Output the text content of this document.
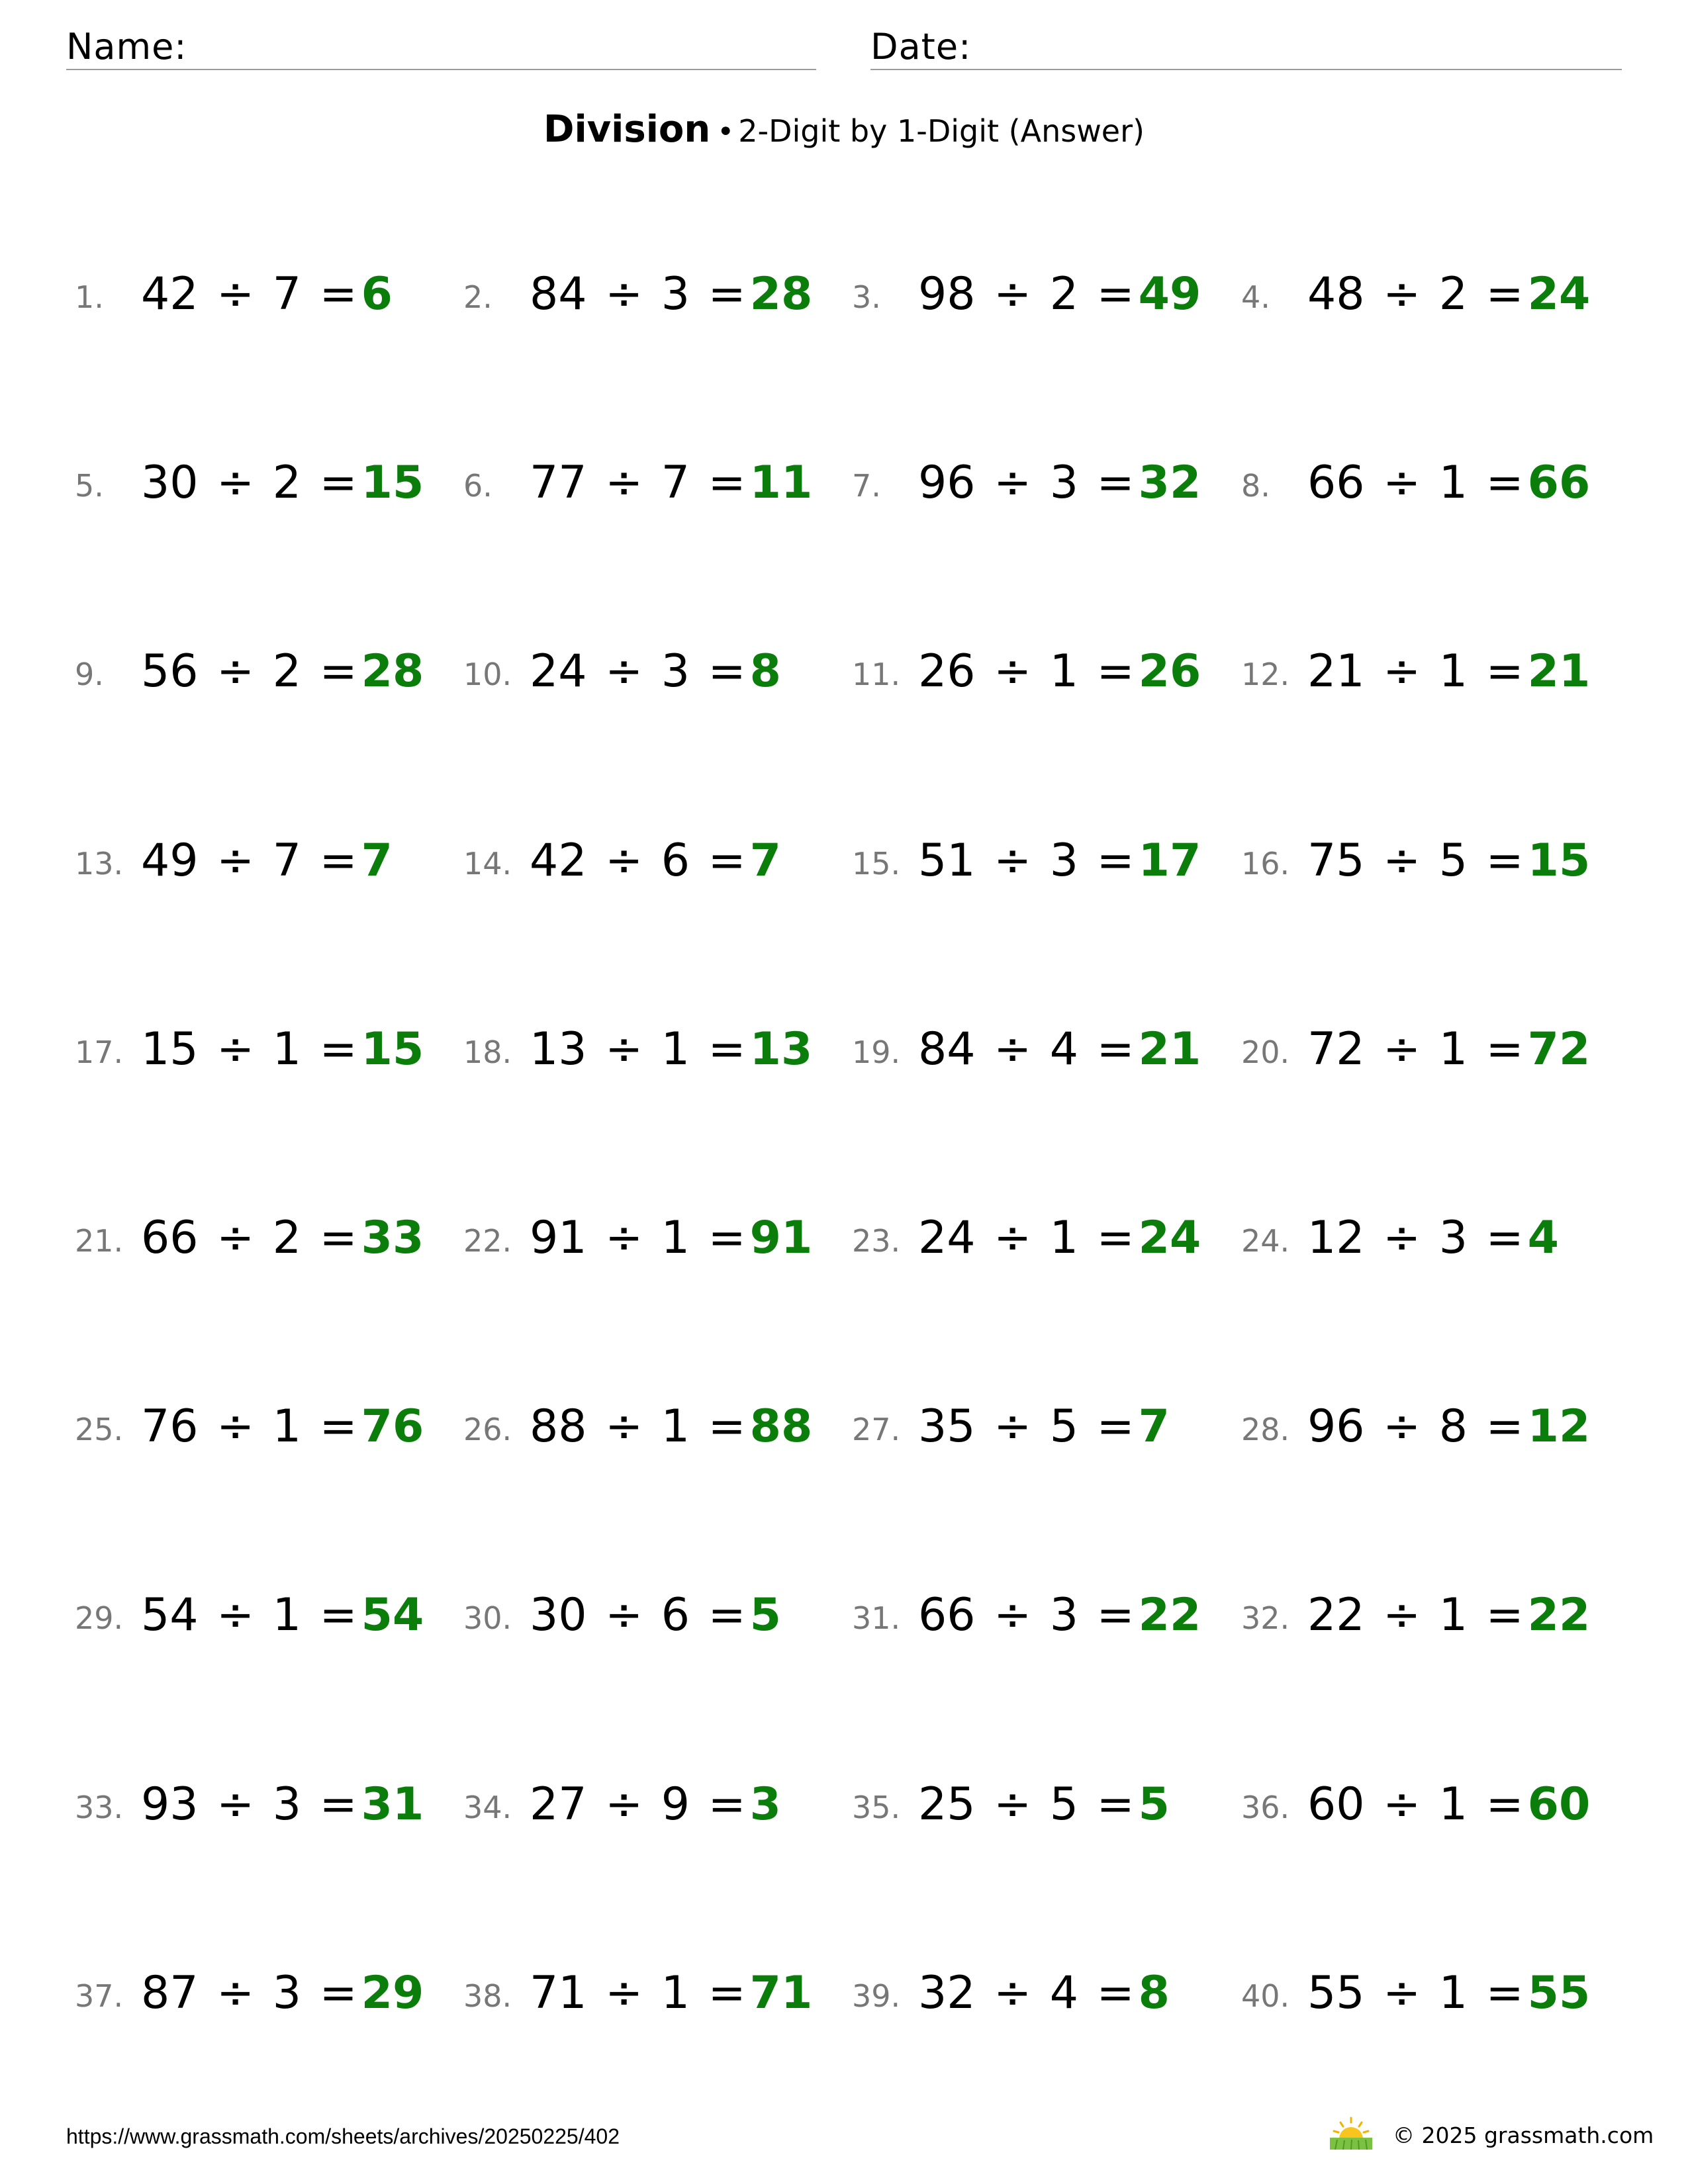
Name:	Date:
Division • 2-Digit by 1-Digit (Answer)
1. 42 ÷ 7 =6 2. 84 ÷ 3 =28 3. 98 ÷ 2 =49 4. 48 ÷ 2 =24
5. 30 ÷ 2 =15 6. 77 ÷ 7 =11 7. 96 ÷ 3 =32 8. 66 ÷ 1 =66
9. 56 ÷ 2 =28 10. 24 ÷ 3 =8 11. 26 ÷ 1 =26 12. 21 ÷ 1 =21
13. 49 ÷ 7 =7 14. 42 ÷ 6 =7 15. 51 ÷ 3 =17 16. 75 ÷ 5 =15
17. 15 ÷ 1 =15 18. 13 ÷ 1 =13 19. 84 ÷ 4 =21 20. 72 ÷ 1 =72
21. 66 ÷ 2 =33 22. 91 ÷ 1 =91 23. 24 ÷ 1 =24 24. 12 ÷ 3 =4
25. 76 ÷ 1 =76 26. 88 ÷ 1 =88 27. 35 ÷ 5 =7 28. 96 ÷ 8 =12
29. 54 ÷ 1 =54 30. 30 ÷ 6 =5 31. 66 ÷ 3 =22 32. 22 ÷ 1 =22
33. 93 ÷ 3 =31 34. 27 ÷ 9 =3 35. 25 ÷ 5 =5 36. 60 ÷ 1 =60
37. 87 ÷ 3 =29 38. 71 ÷ 1 =71 39. 32 ÷ 4 =8 40. 55 ÷ 1 =55
https://www.grassmath.com/sheets/archives/20250225/402	© 2025 grassmath.com
